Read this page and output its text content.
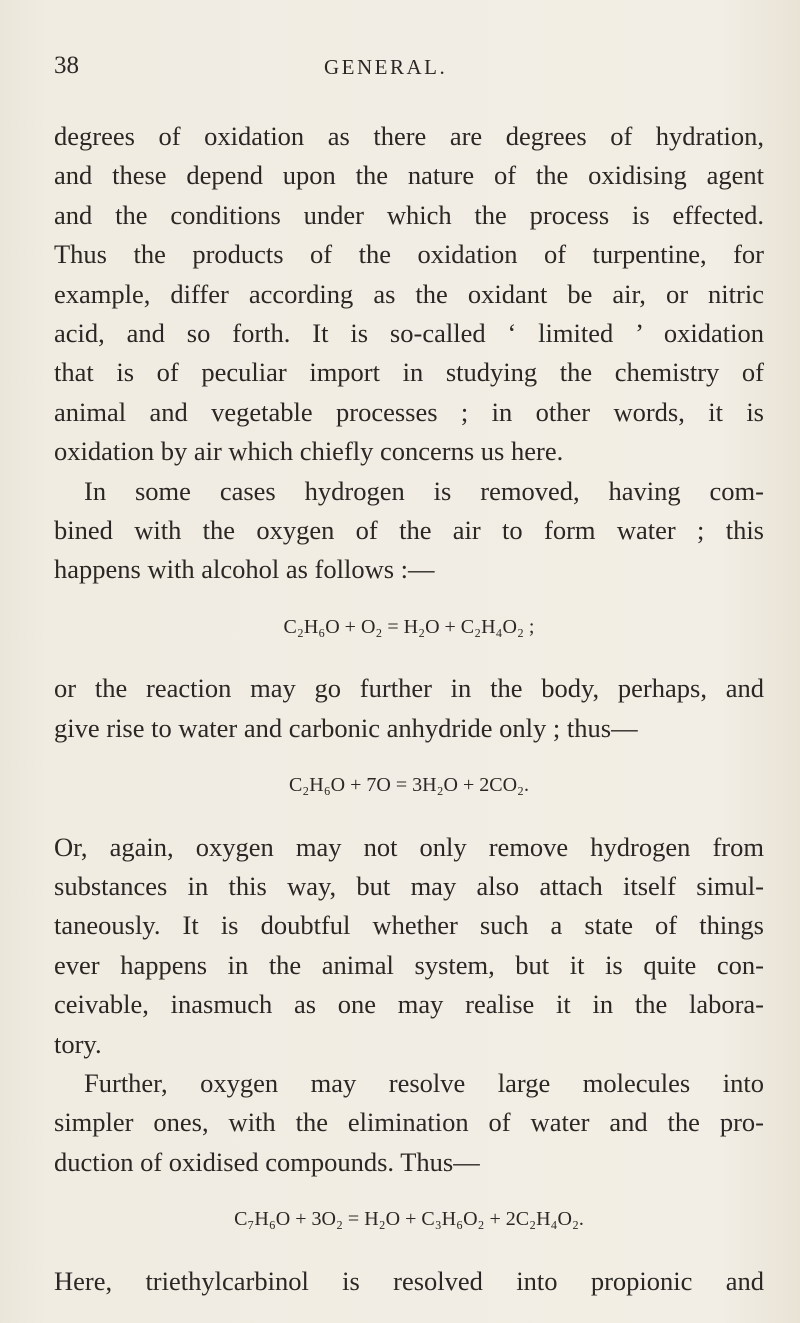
38	GENERAL.
degrees of oxidation as there are degrees of hydration,
and these depend upon the nature of the oxidising agent
and the conditions under which the process is effected.
Thus the products of the oxidation of turpentine, for
example, differ according as the oxidant be air, or nitric
acid, and so forth. It is so-called ‘ limited ’ oxidation
that is of peculiar import in studying the chemistry of
animal and vegetable processes ; in other words, it is
oxidation by air which chiefly concerns us here.
In some cases hydrogen is removed, having com-
bined with the oxygen of the air to form water ; this
happens with alcohol as follows :—
C₂H₆O + O₂ = H₂O + C₂H₄O₂ ;
or the reaction may go further in the body, perhaps, and
give rise to water and carbonic anhydride only ; thus—
C₂H₆O + 7O = 3H₂O + 2CO₂.
Or, again, oxygen may not only remove hydrogen from
substances in this way, but may also attach itself simul-
taneously. It is doubtful whether such a state of things
ever happens in the animal system, but it is quite con-
ceivable, inasmuch as one may realise it in the labora-
tory.
Further, oxygen may resolve large molecules into
simpler ones, with the elimination of water and the pro-
duction of oxidised compounds. Thus—
C₇H₆O + 3O₂ = H₂O + C₃H₆O₂ + 2C₂H₄O₂.
Here, triethylcarbinol is resolved into propionic and
